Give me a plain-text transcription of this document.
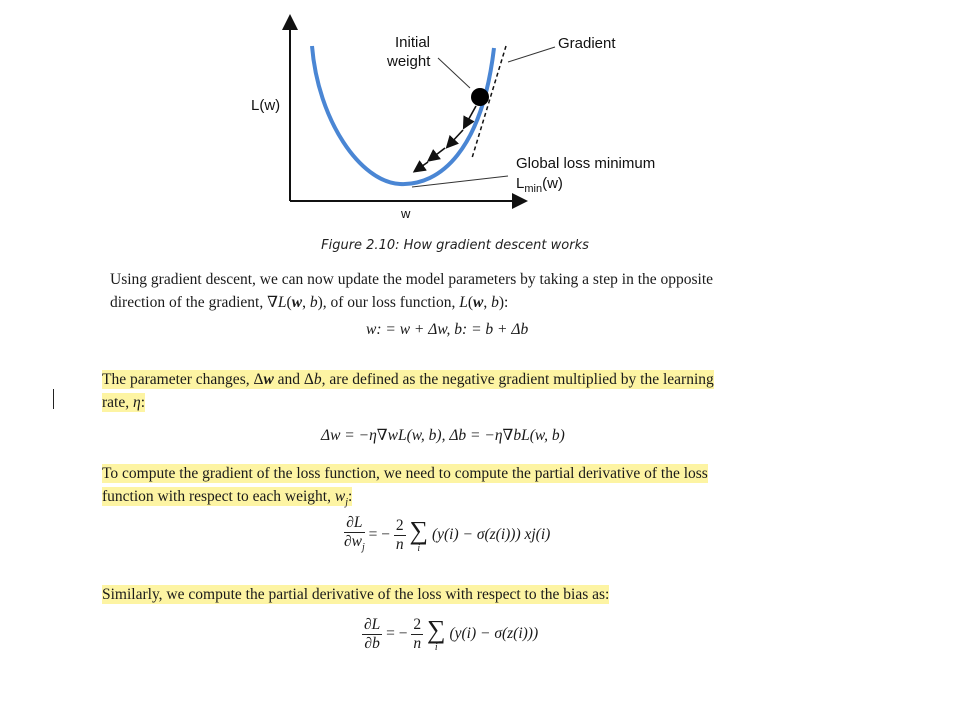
L(w)
w
Initial
weight
Gradient
Global loss minimum
$L_{min}(w)$
Figure 2.10: How gradient descent works

Using gradient descent, we can now update the model parameters by taking a step in the opposite
direction of the gradient, ∇L(w, b), of our loss function, L(w, b):

w: = w + Δw, b: = b + Δb

The parameter changes, Δw and Δb, are defined as the negative gradient multiplied by the learning
rate, η:

Δw = −η∇wL(w, b), Δb = −η∇bL(w, b)

To compute the gradient of the loss function, we need to compute the partial derivative of the loss
function with respect to each weight, $w_j$:

$\frac{\partial L}{\partial w_j}$ = − $\frac{2}{n}$
∑
i
(y(i) − σ(z(i))) xj(i)

Similarly, we compute the partial derivative of the loss with respect to the bias as:

$\frac{\partial L}{\partial b}$ = − $\frac{2}{n}$
∑
i
(y(i) − σ(z(i)))
